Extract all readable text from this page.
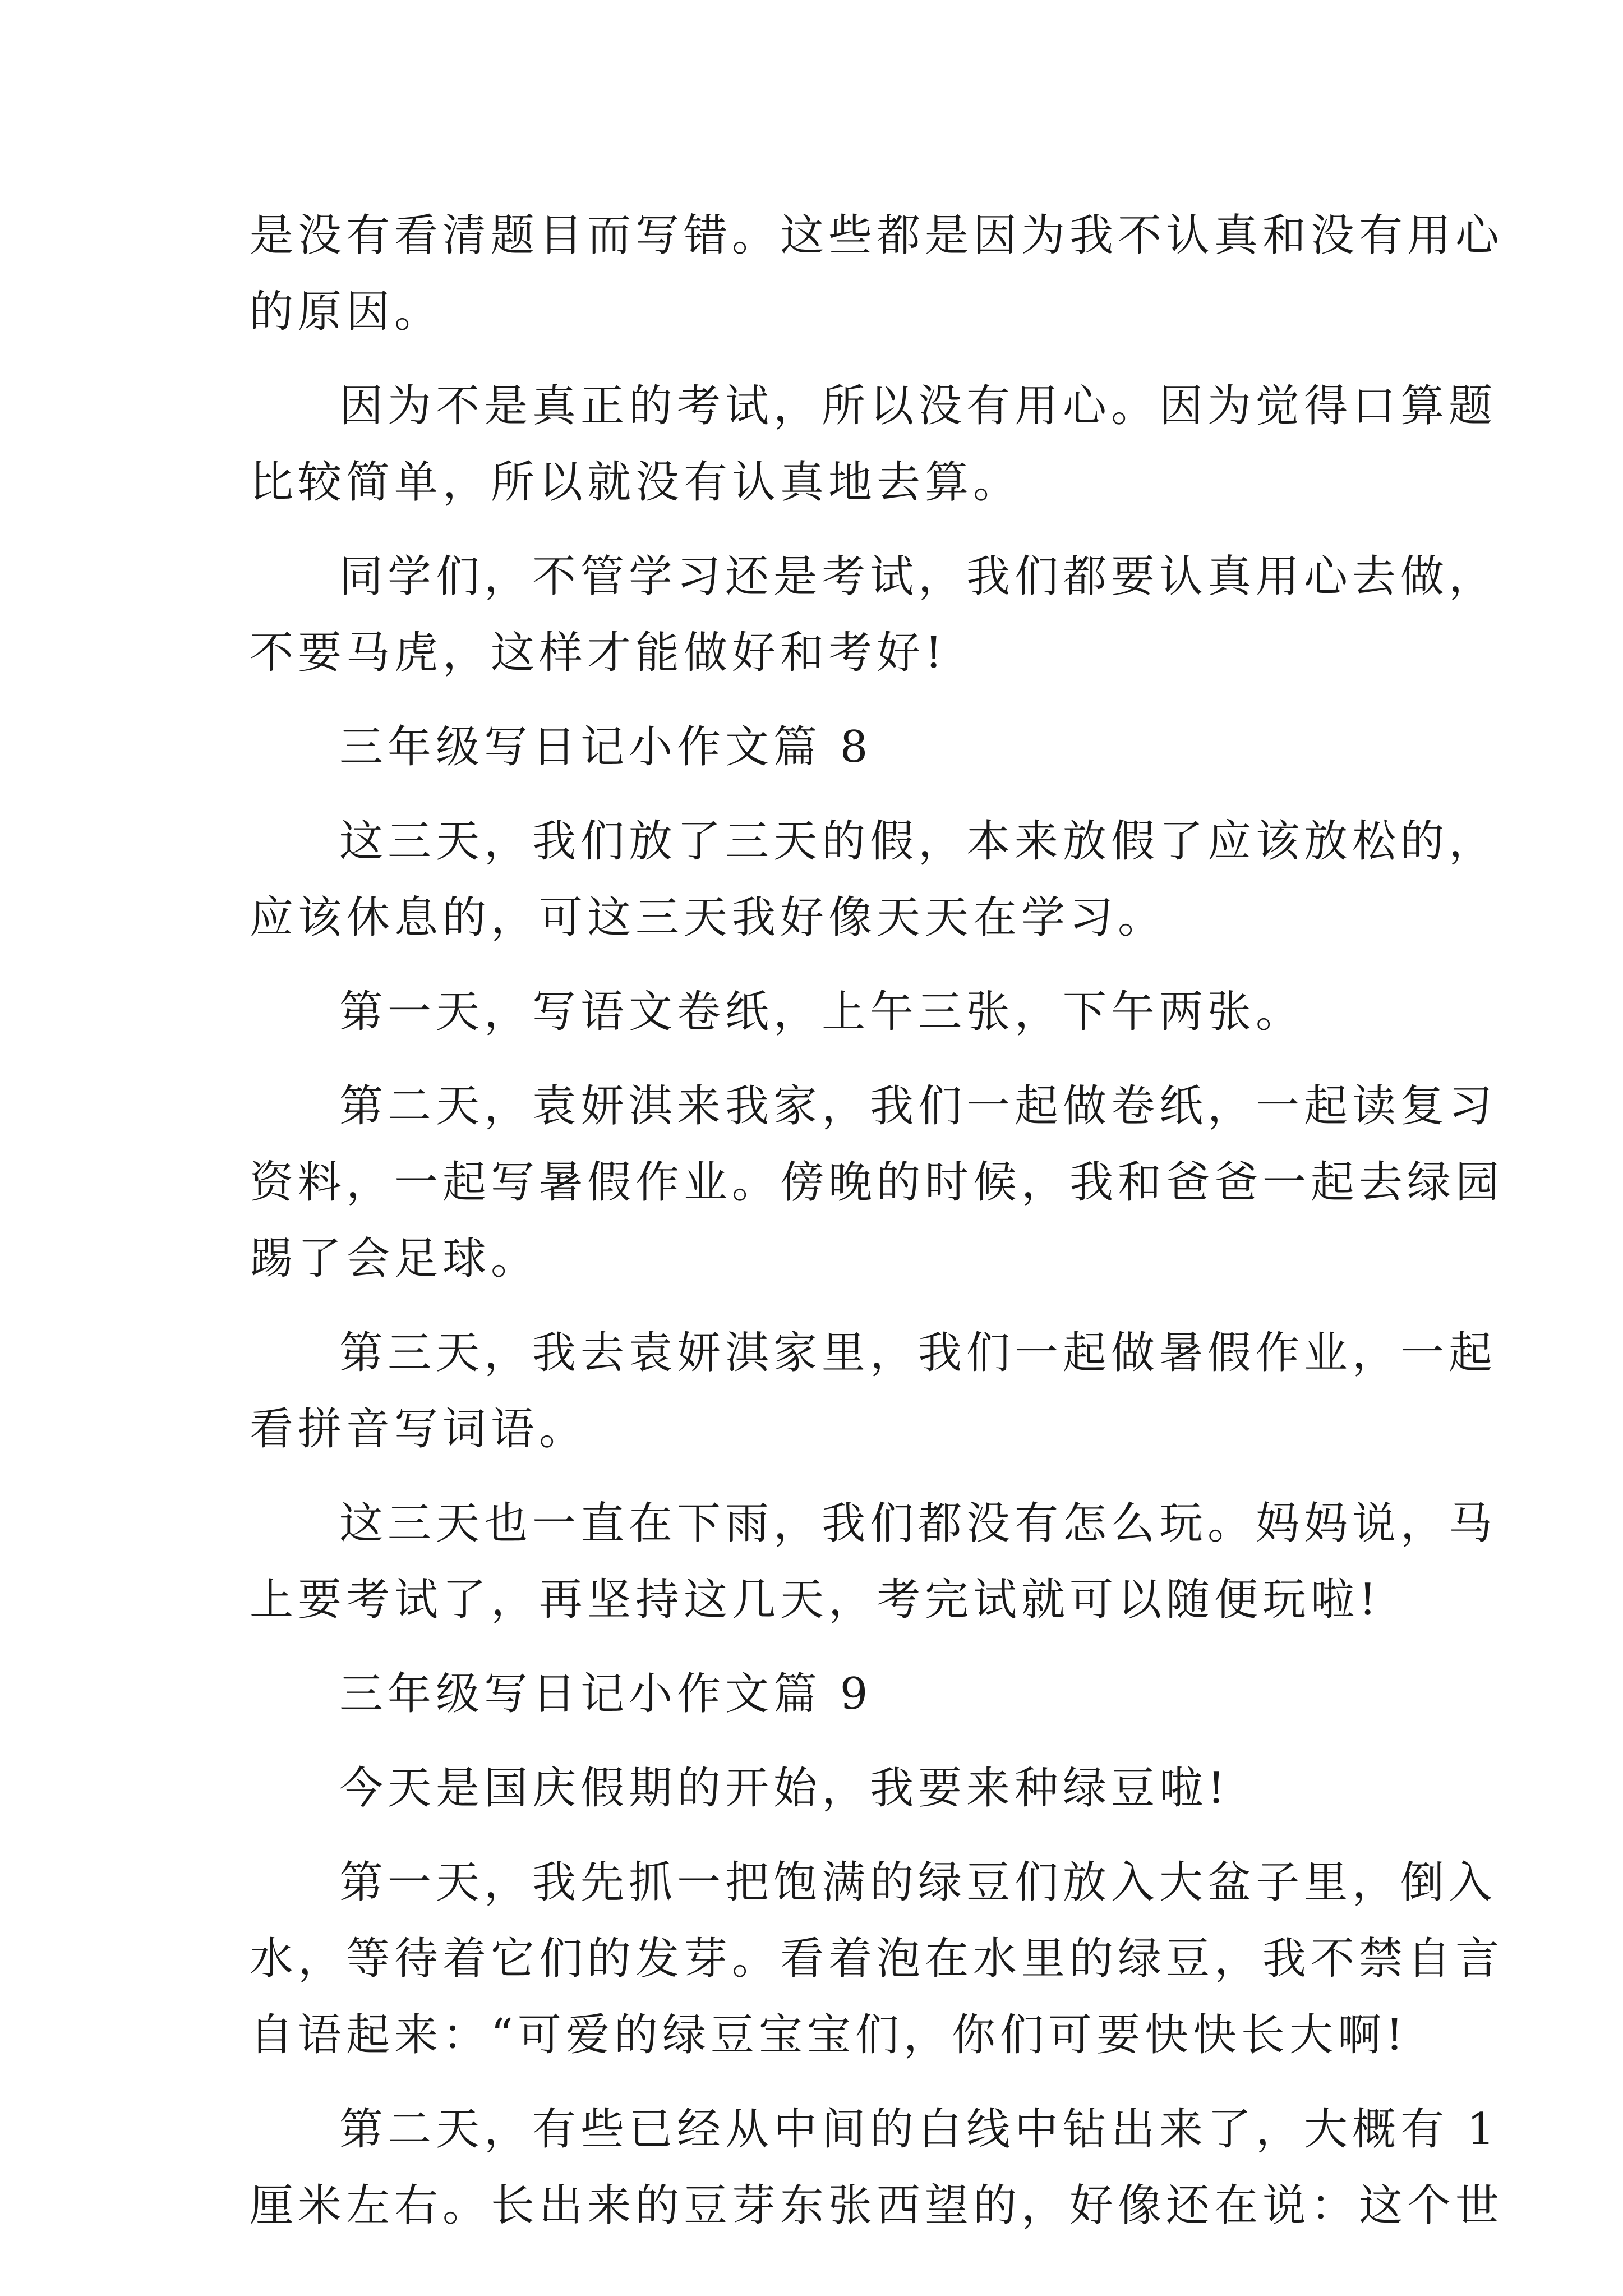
是没有看清题目而写错。这些都是因为我不认真和没有用心
的原因。
因为不是真正的考试，所以没有用心。因为觉得口算题
比较简单，所以就没有认真地去算。
同学们，不管学习还是考试，我们都要认真用心去做，
不要马虎，这样才能做好和考好!
三年级写日记小作文篇 8
这三天，我们放了三天的假，本来放假了应该放松的，
应该休息的，可这三天我好像天天在学习。
第一天，写语文卷纸，上午三张，下午两张。
第二天，袁妍淇来我家，我们一起做卷纸，一起读复习
资料，一起写暑假作业。傍晚的时候，我和爸爸一起去绿园
踢了会足球。
第三天，我去袁妍淇家里，我们一起做暑假作业，一起
看拼音写词语。
这三天也一直在下雨，我们都没有怎么玩。妈妈说，马
上要考试了，再坚持这几天，考完试就可以随便玩啦!
三年级写日记小作文篇 9
今天是国庆假期的开始，我要来种绿豆啦!
第一天，我先抓一把饱满的绿豆们放入大盆子里，倒入
水，等待着它们的发芽。看着泡在水里的绿豆，我不禁自言
自语起来：“可爱的绿豆宝宝们，你们可要快快长大啊!
第二天，有些已经从中间的白线中钻出来了，大概有 1
厘米左右。长出来的豆芽东张西望的，好像还在说：这个世
